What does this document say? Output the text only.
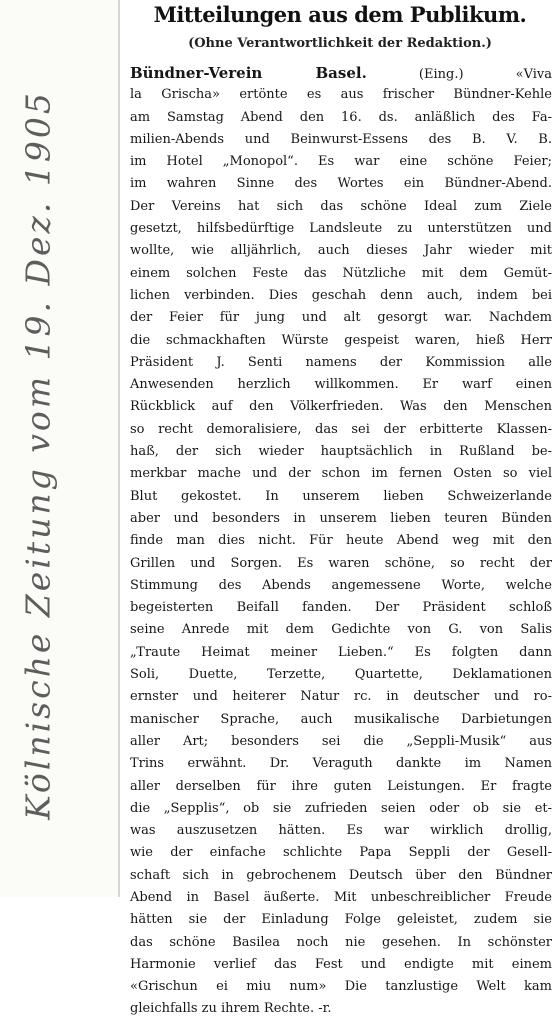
Kölnische Zeitung vom 19. Dez. 1905
Mitteilungen aus dem Publikum.
(Ohne Verantwortlichkeit der Redaktion.)
Bündner-Verein Basel.	(Eing.) «Viva
la Grischa» ertönte es aus frischer Bündner-Kehle
am Samstag Abend den 16. ds. anläßlich des Fa-
milien-Abends und Beinwurst-Essens des B. V. B.
im Hotel „Monopol“. Es war eine schöne Feier;
im wahren Sinne des Wortes ein Bündner-Abend.
Der Vereins hat sich das schöne Ideal zum Ziele
gesetzt, hilfsbedürftige Landsleute zu unterstützen und
wollte, wie alljährlich, auch dieses Jahr wieder mit
einem solchen Feste das Nützliche mit dem Gemüt-
lichen verbinden. Dies geschah denn auch, indem bei
der Feier für jung und alt gesorgt war. Nachdem
die schmackhaften Würste gespeist waren, hieß Herr
Präsident J. Senti namens der Kommission alle
Anwesenden herzlich willkommen. Er warf einen
Rückblick auf den Völkerfrieden. Was den Menschen
so recht demoralisiere, das sei der erbitterte Klassen-
haß, der sich wieder hauptsächlich in Rußland be-
merkbar mache und der schon im fernen Osten so viel
Blut gekostet. In unserem lieben Schweizerlande
aber und besonders in unserem lieben teuren Bünden
finde man dies nicht. Für heute Abend weg mit den
Grillen und Sorgen. Es waren schöne, so recht der
Stimmung des Abends angemessene Worte, welche
begeisterten Beifall fanden. Der Präsident schloß
seine Anrede mit dem Gedichte von G. von Salis
„Traute Heimat meiner Lieben.“ Es folgten dann
Soli, Duette, Terzette, Quartette, Deklamationen
ernster und heiterer Natur rc. in deutscher und ro-
manischer Sprache, auch musikalische Darbietungen
aller Art; besonders sei die „Seppli-Musik“ aus
Trins erwähnt. Dr. Veraguth dankte im Namen
aller derselben für ihre guten Leistungen. Er fragte
die „Sepplis“, ob sie zufrieden seien oder ob sie et-
was auszusetzen hätten. Es war wirklich drollig,
wie der einfache schlichte Papa Seppli der Gesell-
schaft sich in gebrochenem Deutsch über den Bündner
Abend in Basel äußerte. Mit unbeschreiblicher Freude
hätten sie der Einladung Folge geleistet, zudem sie
das schöne Basilea noch nie gesehen. In schönster
Harmonie verlief das Fest und endigte mit einem
«Grischun ei miu num» Die tanzlustige Welt kam
gleichfalls zu ihrem Rechte. -r.
